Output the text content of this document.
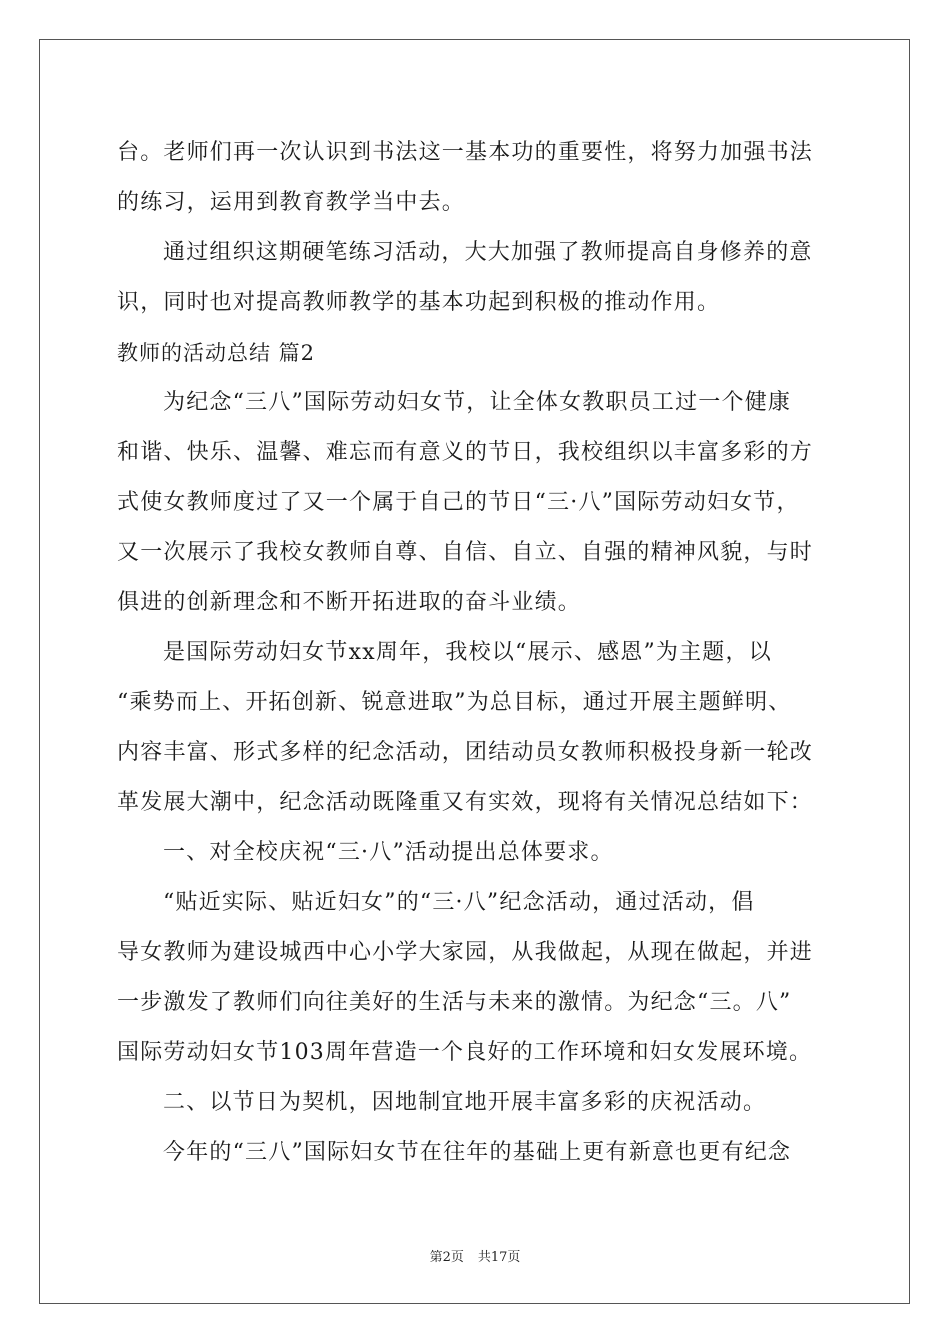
台。老师们再一次认识到书法这一基本功的重要性，将努力加强书法
的练习，运用到教育教学当中去。
通过组织这期硬笔练习活动，大大加强了教师提高自身修养的意
识，同时也对提高教师教学的基本功起到积极的推动作用。
教师的活动总结 篇2
为纪念“三八”国际劳动妇女节，让全体女教职员工过一个健康
和谐、快乐、温馨、难忘而有意义的节日，我校组织以丰富多彩的方
式使女教师度过了又一个属于自己的节日“三·八”国际劳动妇女节，
又一次展示了我校女教师自尊、自信、自立、自强的精神风貌，与时
俱进的创新理念和不断开拓进取的奋斗业绩。
是国际劳动妇女节xx周年，我校以“展示、感恩”为主题，以
“乘势而上、开拓创新、锐意进取”为总目标，通过开展主题鲜明、
内容丰富、形式多样的纪念活动，团结动员女教师积极投身新一轮改
革发展大潮中，纪念活动既隆重又有实效，现将有关情况总结如下：
一、对全校庆祝“三·八”活动提出总体要求。
“贴近实际、贴近妇女”的“三·八”纪念活动，通过活动，倡
导女教师为建设城西中心小学大家园，从我做起，从现在做起，并进
一步激发了教师们向往美好的生活与未来的激情。为纪念“三。八”
国际劳动妇女节103周年营造一个良好的工作环境和妇女发展环境。
二、以节日为契机，因地制宜地开展丰富多彩的庆祝活动。
今年的“三八”国际妇女节在往年的基础上更有新意也更有纪念
第2页 共17页
